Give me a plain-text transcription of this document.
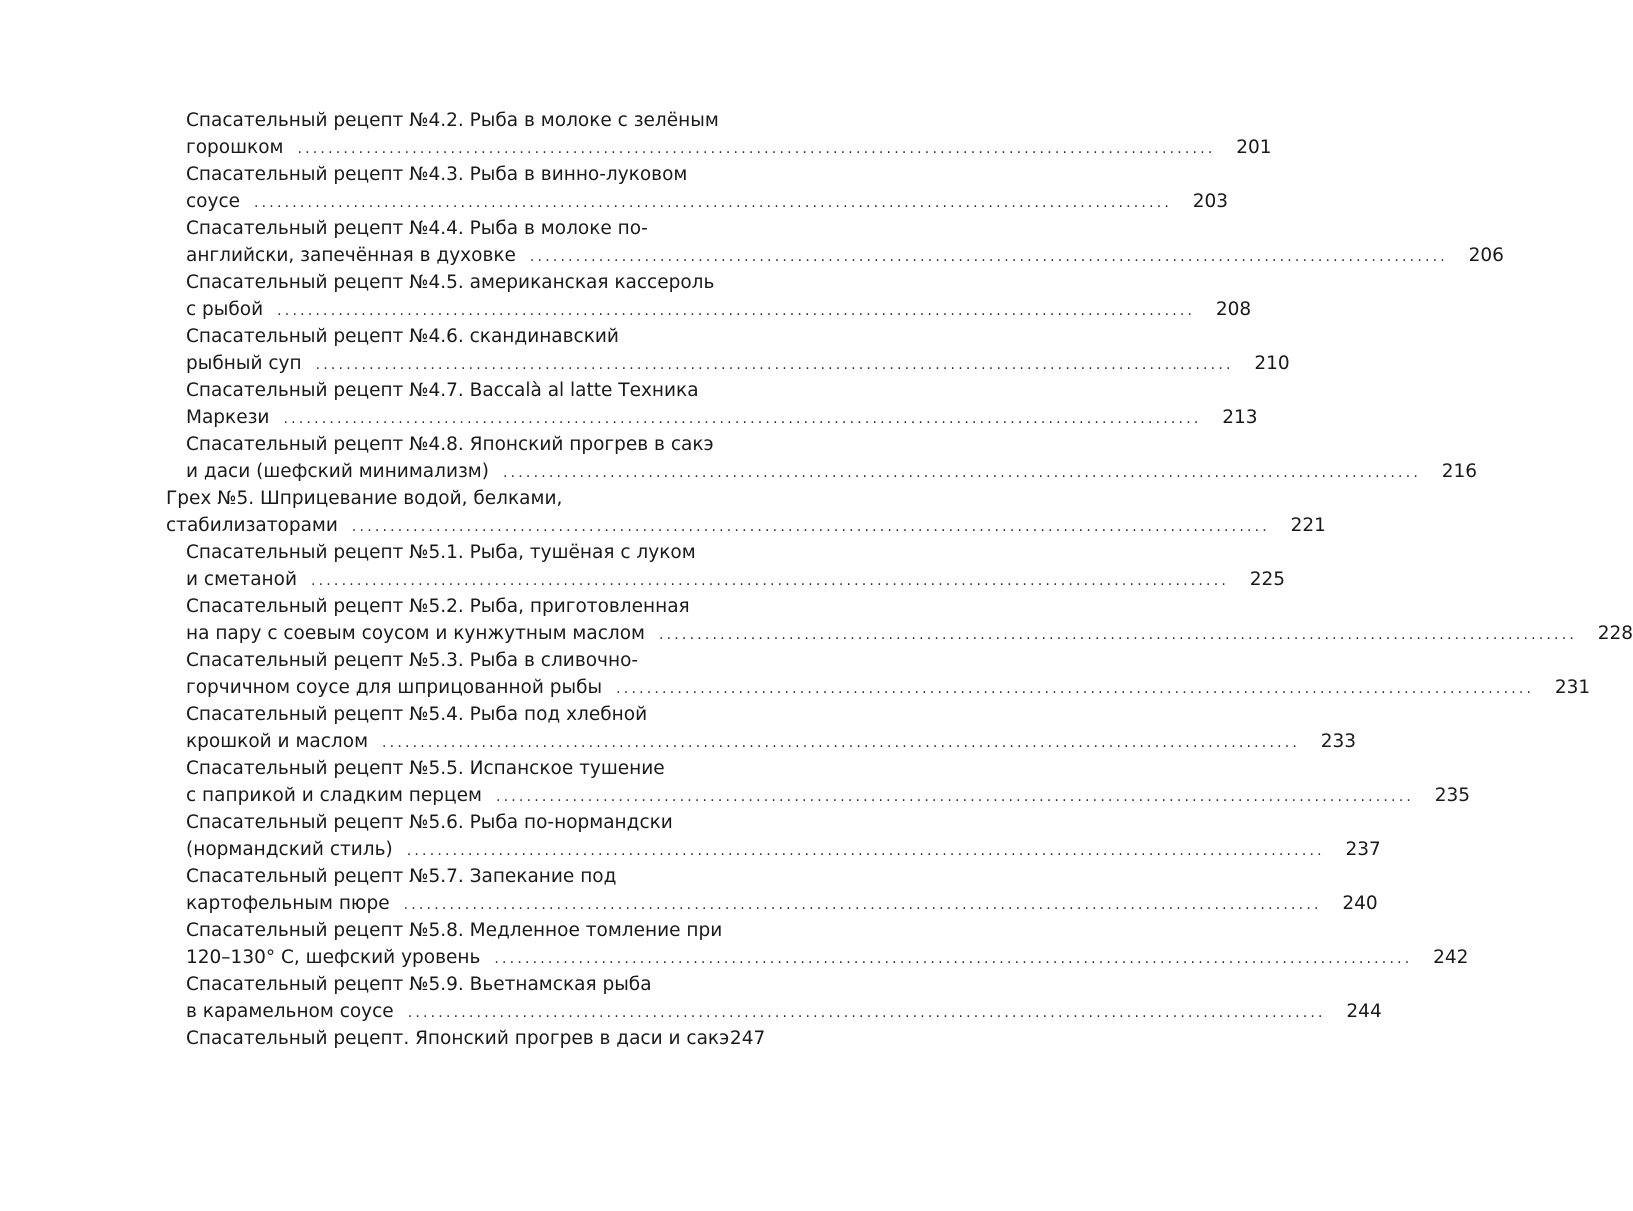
Спасательный рецепт №4.2. Рыба в молоке с зелёным
горошком ........................................................................................................................ 201
Спасательный рецепт №4.3. Рыба в винно-луковом
соусе ........................................................................................................................ 203
Спасательный рецепт №4.4. Рыба в молоке по-
английски, запечённая в духовке ........................................................................................................................ 206
Спасательный рецепт №4.5. американская кассероль
с рыбой ........................................................................................................................ 208
Спасательный рецепт №4.6. скандинавский
рыбный суп ........................................................................................................................ 210
Спасательный рецепт №4.7. Baccalà al latte Техника
Маркези ........................................................................................................................ 213
Спасательный рецепт №4.8. Японский прогрев в сакэ
и даси (шефский минимализм) ........................................................................................................................ 216
Грех №5. Шприцевание водой, белками,
стабилизаторами ........................................................................................................................ 221
Спасательный рецепт №5.1. Рыба, тушёная с луком
и сметаной ........................................................................................................................ 225
Спасательный рецепт №5.2. Рыба, приготовленная
на пару с соевым соусом и кунжутным маслом ........................................................................................................................ 228
Спасательный рецепт №5.3. Рыба в сливочно-
горчичном соусе для шприцованной рыбы ........................................................................................................................ 231
Спасательный рецепт №5.4. Рыба под хлебной
крошкой и маслом ........................................................................................................................ 233
Спасательный рецепт №5.5. Испанское тушение
с паприкой и сладким перцем ........................................................................................................................ 235
Спасательный рецепт №5.6. Рыба по-нормандски
(нормандский стиль) ........................................................................................................................ 237
Спасательный рецепт №5.7. Запекание под
картофельным пюре ........................................................................................................................ 240
Спасательный рецепт №5.8. Медленное томление при
120–130° С, шефский уровень ........................................................................................................................ 242
Спасательный рецепт №5.9. Вьетнамская рыба
в карамельном соусе ........................................................................................................................ 244
Спасательный рецепт. Японский прогрев в даси и сакэ 247
